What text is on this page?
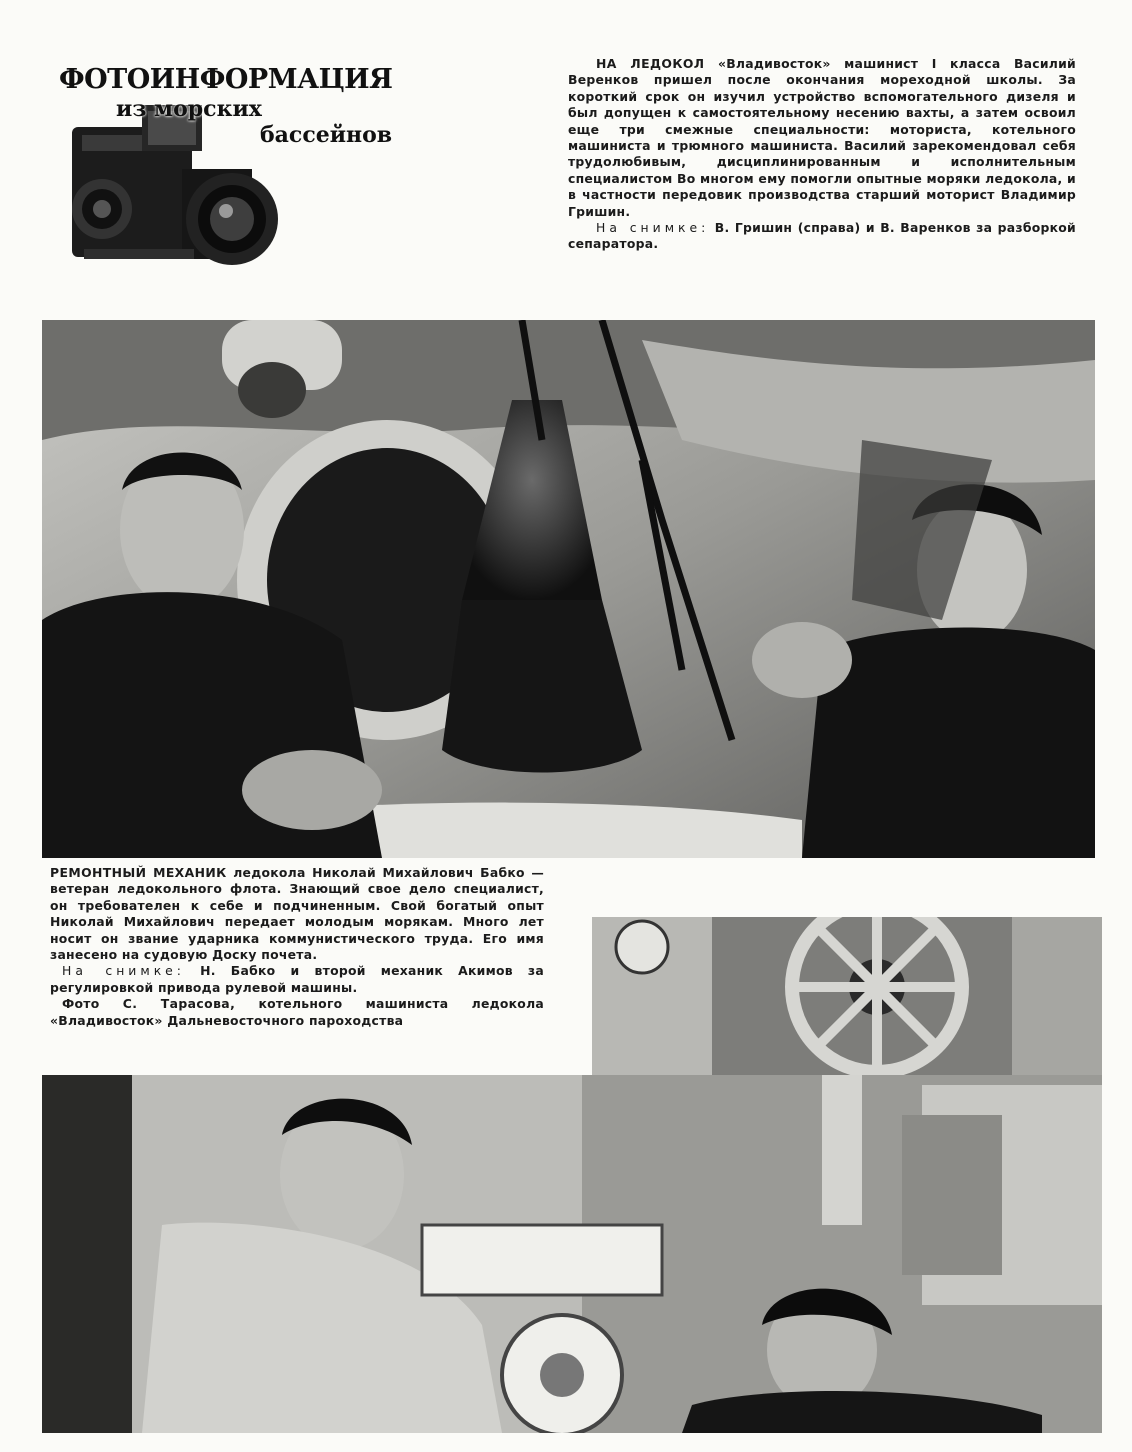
ФОТОИНФОРМАЦИЯ
из морских
бассейнов

НА ЛЕДОКОЛ «Владивосток» машинист I класса Василий Веренков пришел после окончания мореходной школы. За короткий срок он изучил устройство вспомогательного дизеля и был допущен к самостоятельному несению вахты, а затем освоил еще три смежные специальности: моториста, котельного машиниста и трюмного машиниста. Василий зарекомендовал себя трудолюбивым, дисциплинированным и исполнительным специалистом Во многом ему помогли опытные моряки ледокола, и в частности передовик производства старший моторист Владимир Гришин.

На снимке: В. Гришин (справа) и В. Варенков за разборкой сепаратора.

РЕМОНТНЫЙ МЕХАНИК ледокола Николай Михайлович Бабко — ветеран ледокольного флота. Знающий свое дело специалист, он требователен к себе и подчиненным. Свой богатый опыт Николай Михайлович передает молодым морякам. Много лет носит он звание ударника коммунистического труда. Его имя занесено на судовую Доску почета.

На снимке: Н. Бабко и второй механик Акимов за регулировкой привода рулевой машины.

Фото С. Тарасова, котельного машиниста ледокола «Владивосток» Дальневосточного пароходства
